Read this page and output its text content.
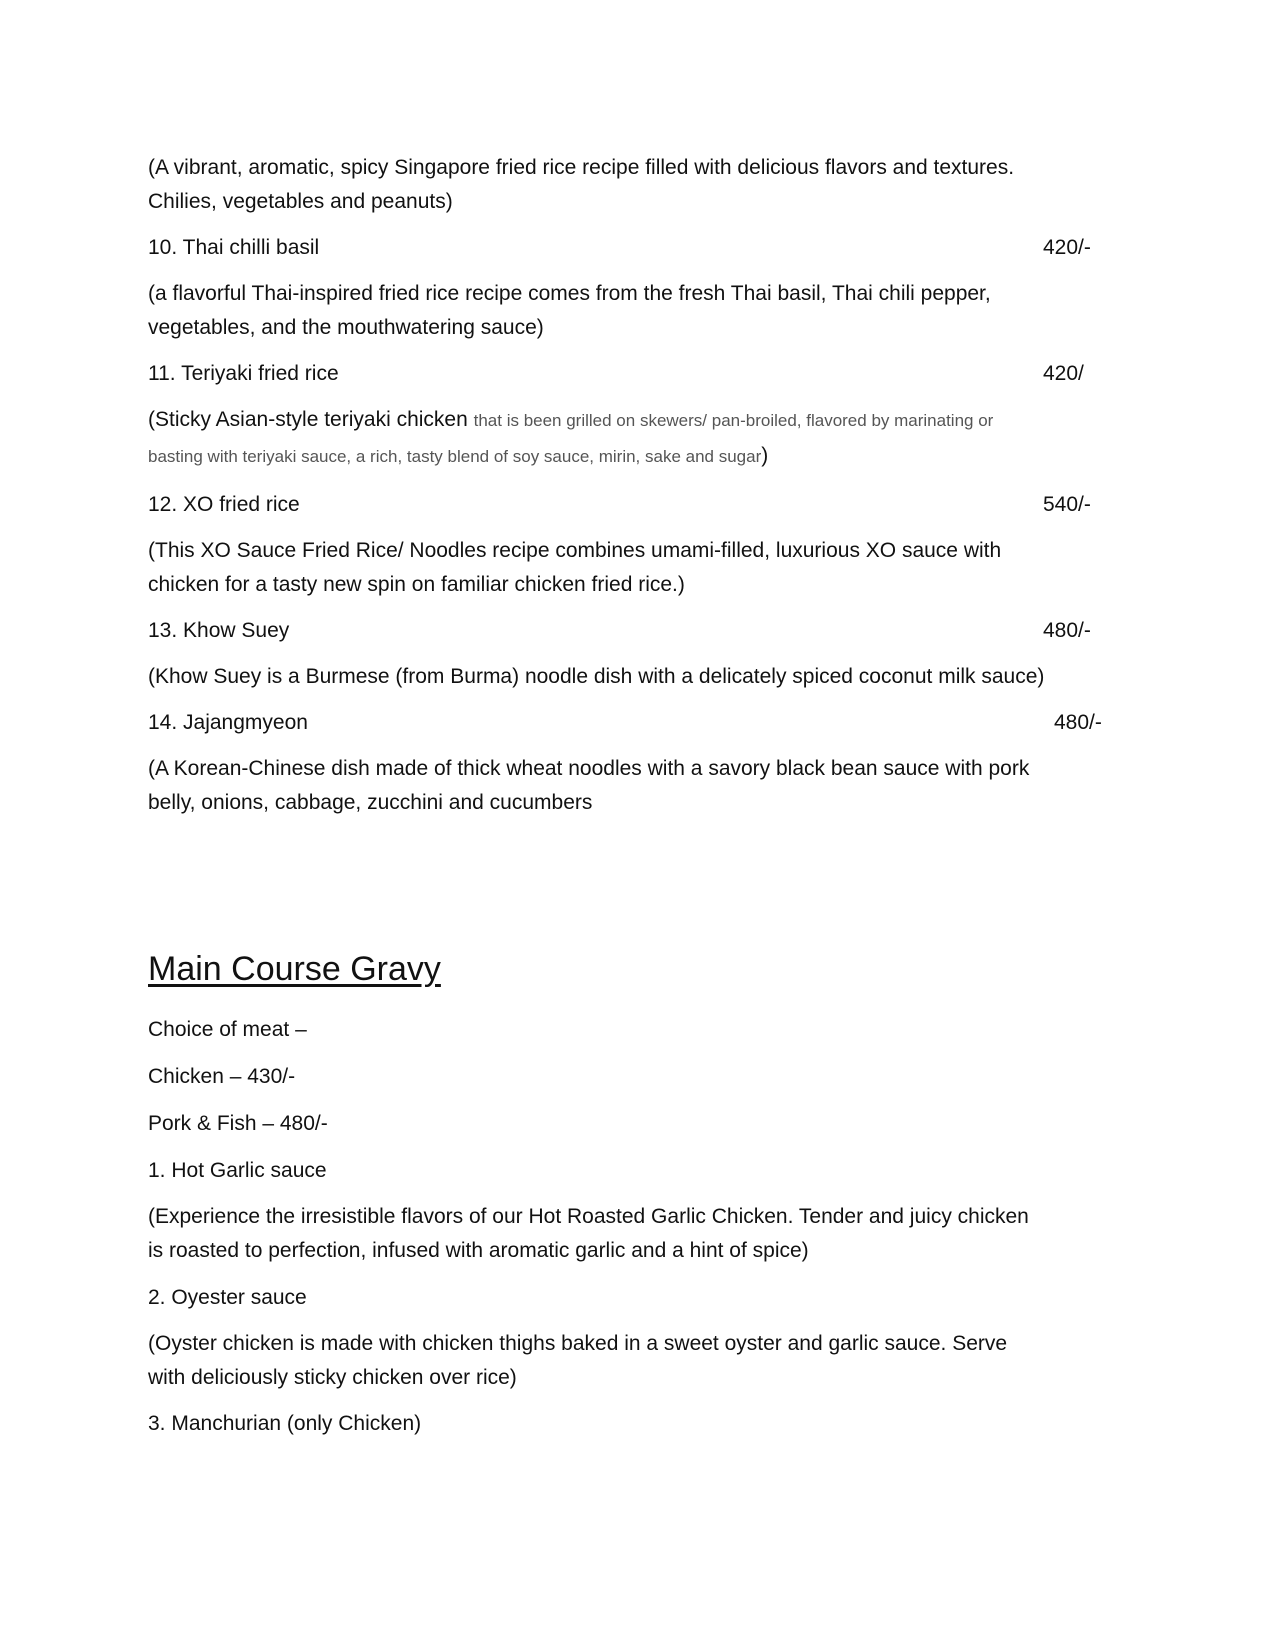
(A vibrant, aromatic, spicy Singapore fried rice recipe filled with delicious flavors and textures.

Chilies, vegetables and peanuts)

10. Thai chilli basil	420/-

(a flavorful Thai-inspired fried rice recipe comes from the fresh Thai basil, Thai chili pepper,

vegetables, and the mouthwatering sauce)

11. Teriyaki fried rice	420/

(Sticky Asian-style teriyaki chicken that is been grilled on skewers/ pan-broiled, flavored by marinating or

basting with teriyaki sauce, a rich, tasty blend of soy sauce, mirin, sake and sugar)

12. XO fried rice	540/-

(This XO Sauce Fried Rice/ Noodles recipe combines umami-filled, luxurious XO sauce with

chicken for a tasty new spin on familiar chicken fried rice.)

13. Khow Suey	480/-

(Khow Suey is a Burmese (from Burma) noodle dish with a delicately spiced coconut milk sauce)

14. Jajangmyeon	480/-

(A Korean-Chinese dish made of thick wheat noodles with a savory black bean sauce with pork

belly, onions, cabbage, zucchini and cucumbers

Main Course Gravy

Choice of meat –

Chicken – 430/-

Pork & Fish – 480/-

1. Hot Garlic sauce

(Experience the irresistible flavors of our Hot Roasted Garlic Chicken. Tender and juicy chicken

is roasted to perfection, infused with aromatic garlic and a hint of spice)

2. Oyester sauce

(Oyster chicken is made with chicken thighs baked in a sweet oyster and garlic sauce. Serve

with deliciously sticky chicken over rice)

3. Manchurian (only Chicken)
